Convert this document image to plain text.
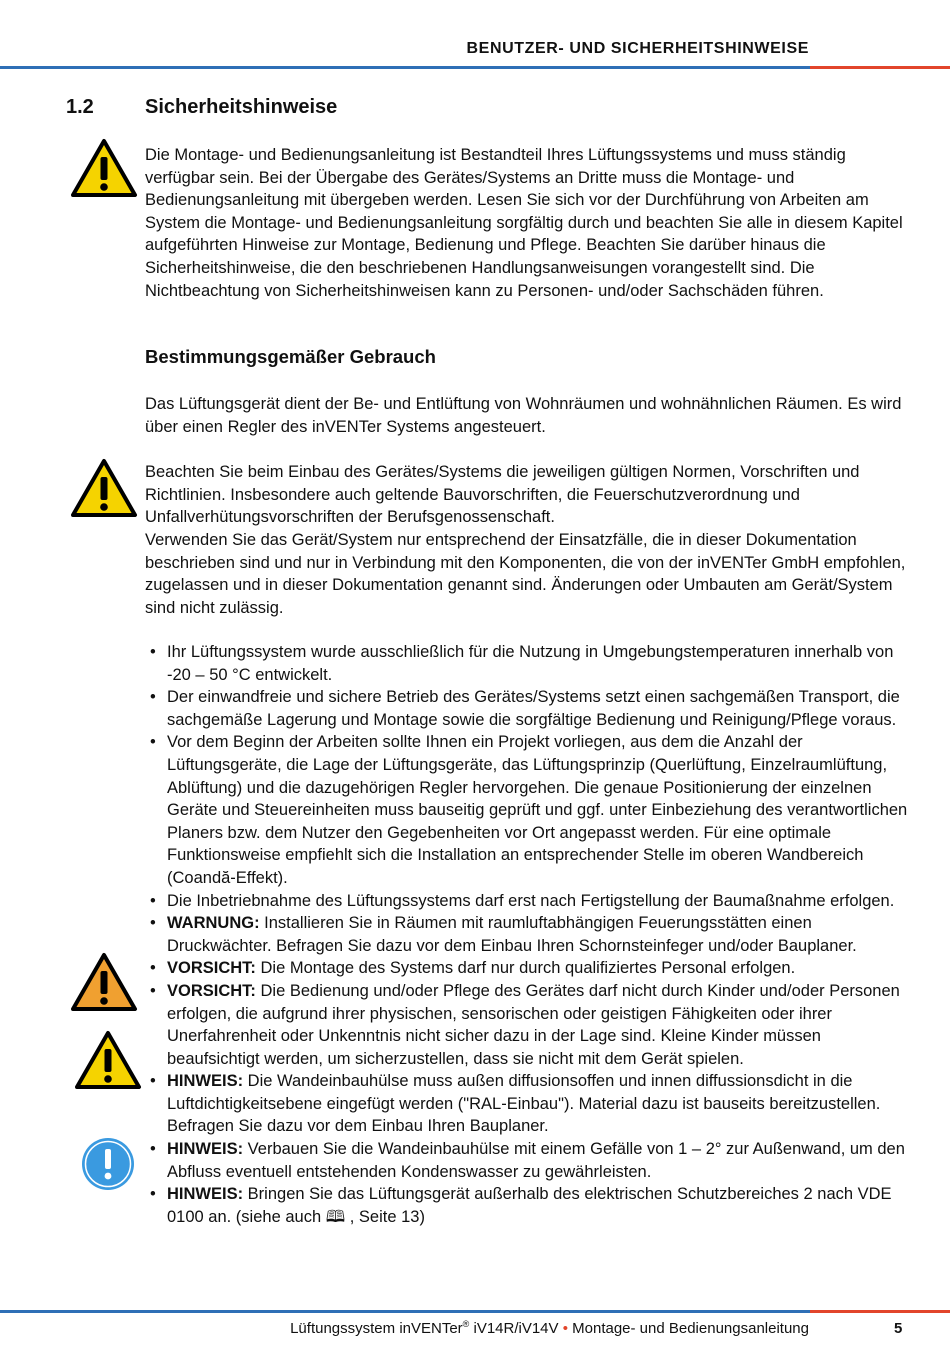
BENUTZER- UND SICHERHEITSHINWEISE
1.2	Sicherheitshinweise

Die Montage- und Bedienungsanleitung ist Bestandteil Ihres Lüftungssystems und muss ständig verfügbar sein. Bei der Übergabe des Gerätes/Systems an Dritte muss die Montage- und Bedienungsanleitung mit übergeben werden. Lesen Sie sich vor der Durchführung von Arbeiten am System die Montage- und Bedienungsanleitung sorgfältig durch und beachten Sie alle in diesem Kapitel aufgeführten Hinweise zur Montage, Bedienung und Pflege. Beachten Sie darüber hinaus die Sicherheitshinweise, die den beschriebenen Handlungsanweisungen vorangestellt sind. Die Nichtbeachtung von Sicherheitshinweisen kann zu Personen- und/oder Sachschäden führen.

Bestimmungsgemäßer Gebrauch

Das Lüftungsgerät dient der Be- und Entlüftung von Wohnräumen und wohnähnlichen Räumen. Es wird über einen Regler des inVENTer Systems angesteuert.

Beachten Sie beim Einbau des Gerätes/Systems die jeweiligen gültigen Normen, Vorschriften und Richtlinien. Insbesondere auch geltende Bauvorschriften, die Feuerschutzverordnung und Unfallverhütungsvorschriften der Berufsgenossenschaft.

Verwenden Sie das Gerät/System nur entsprechend der Einsatzfälle, die in dieser Dokumentation beschrieben sind und nur in Verbindung mit den Komponenten, die von der inVENTer GmbH empfohlen, zugelassen und in dieser Dokumentation genannt sind. Änderungen oder Umbauten am Gerät/System sind nicht zulässig.

• Ihr Lüftungssystem wurde ausschließlich für die Nutzung in Umgebungstemperaturen innerhalb von -20 – 50 °C entwickelt.
• Der einwandfreie und sichere Betrieb des Gerätes/Systems setzt einen sachgemäßen Transport, die sachgemäße Lagerung und Montage sowie die sorgfältige Bedienung und Reinigung/Pflege voraus.
• Vor dem Beginn der Arbeiten sollte Ihnen ein Projekt vorliegen, aus dem die Anzahl der Lüftungsgeräte, die Lage der Lüftungsgeräte, das Lüftungsprinzip (Querlüftung, Einzelraumlüftung, Ablüftung) und die dazugehörigen Regler hervorgehen. Die genaue Positionierung der einzelnen Geräte und Steuereinheiten muss bauseitig geprüft und ggf. unter Einbeziehung des verantwortlichen Planers bzw. dem Nutzer den Gegebenheiten vor Ort angepasst werden. Für eine optimale Funktionsweise empfiehlt sich die Installation an entsprechender Stelle im oberen Wandbereich (Coandă-Effekt).
• Die Inbetriebnahme des Lüftungssystems darf erst nach Fertigstellung der Baumaßnahme erfolgen.
• WARNUNG: Installieren Sie in Räumen mit raumluftabhängigen Feuerungsstätten einen Druckwächter. Befragen Sie dazu vor dem Einbau Ihren Schornsteinfeger und/oder Bauplaner.
• VORSICHT: Die Montage des Systems darf nur durch qualifiziertes Personal erfolgen.
• VORSICHT: Die Bedienung und/oder Pflege des Gerätes darf nicht durch Kinder und/oder Personen erfolgen, die aufgrund ihrer physischen, sensorischen oder geistigen Fähigkeiten oder ihrer Unerfahrenheit oder Unkenntnis nicht sicher dazu in der Lage sind. Kleine Kinder müssen beaufsichtigt werden, um sicherzustellen, dass sie nicht mit dem Gerät spielen.
• HINWEIS: Die Wandeinbauhülse muss außen diffusionsoffen und innen diffussionsdicht in die Luftdichtigkeitsebene eingefügt werden ("RAL-Einbau"). Material dazu ist bauseits bereitzustellen. Befragen Sie dazu vor dem Einbau Ihren Bauplaner.
• HINWEIS: Verbauen Sie die Wandeinbauhülse mit einem Gefälle von 1 – 2° zur Außenwand, um den Abfluss eventuell entstehenden Kondenswasser zu gewährleisten.
• HINWEIS: Bringen Sie das Lüftungsgerät außerhalb des elektrischen Schutzbereiches 2 nach VDE 0100 an. (siehe auch 🕮 , Seite 13)
Lüftungssystem inVENTer® iV14R/iV14V • Montage- und Bedienungsanleitung	5
